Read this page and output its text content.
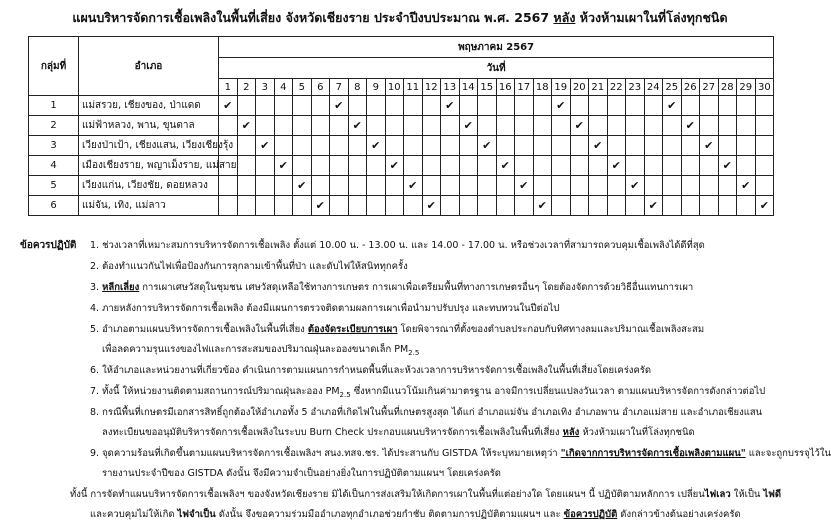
แผนบริหารจัดการเชื้อเพลิงในพื้นที่เสี่ยง จังหวัดเชียงราย ประจำปีงบประมาณ พ.ศ. 2567 หลัง ห้วงห้ามเผาในที่โล่งทุกชนิด
กลุ่มที่	อำเภอ	พฤษภาคม 2567																													
		วันที่																													
		1	2	3	4	5	6	7	8	9	10	11	12	13	14	15	16	17	18	19	20	21	22	23	24	25	26	27	28	29	30
1	แม่สรวย, เชียงของ, ป่าแดด	✔						✔						✔						✔						✔					
2	แม่ฟ้าหลวง, พาน, ขุนตาล		✔						✔						✔						✔						✔				
3	เวียงป่าเป้า, เชียงแสน, เวียงเชียงรุ้ง			✔						✔						✔						✔						✔			
4	เมืองเชียงราย, พญาเม็งราย, แม่สาย				✔						✔						✔						✔						✔		
5	เวียงแก่น, เวียงชัย, ดอยหลวง					✔						✔						✔						✔						✔	
6	แม่จัน, เทิง, แม่ลาว						✔						✔						✔						✔						✔
ข้อควรปฏิบัติ 1. ช่วงเวลาที่เหมาะสมการบริหารจัดการเชื้อเพลิง ตั้งแต่ 10.00 น. - 13.00 น. และ 14.00 - 17.00 น. หรือช่วงเวลาที่สามารถควบคุมเชื้อเพลิงได้ดีที่สุด
2. ต้องทำแนวกันไฟเพื่อป้องกันการลุกลามเข้าพื้นที่ป่า และดับไฟให้สนิททุกครั้ง
3. หลีกเลี่ยง การเผาเศษวัสดุในชุมชน เศษวัสดุเหลือใช้ทางการเกษตร การเผาเพื่อเตรียมพื้นที่ทางการเกษตรอื่นๆ โดยต้องจัดการด้วยวิธีอื่นแทนการเผา
4. ภายหลังการบริหารจัดการเชื้อเพลิง ต้องมีแผนการตรวจติดตามผลการเผาเพื่อนำมาปรับปรุง และทบทวนในปีต่อไป
5. อำเภอตามแผนบริหารจัดการเชื้อเพลิงในพื้นที่เสี่ยง ต้องจัดระเบียบการเผา โดยพิจารณาที่ตั้งของตำบลประกอบกับทิศทางลมและปริมาณเชื้อเพลิงสะสม
เพื่อลดความรุนแรงของไฟและการสะสมของปริมาณฝุ่นละอองขนาดเล็ก $PM_{2.5}$
6. ให้อำเภอและหน่วยงานที่เกี่ยวข้อง ดำเนินการตามแผนการกำหนดพื้นที่และห้วงเวลาการบริหารจัดการเชื้อเพลิงในพื้นที่เสี่ยงโดยเคร่งครัด
7. ทั้งนี้ ให้หน่วยงานติดตามสถานการณ์ปริมาณฝุ่นละออง $PM_{2.5}$ ซึ่งหากมีแนวโน้มเกินค่ามาตรฐาน อาจมีการเปลี่ยนแปลงวันเวลา ตามแผนบริหารจัดการดังกล่าวต่อไป
8. กรณีพื้นที่เกษตรมีเอกสารสิทธิ์ถูกต้องให้อำเภอทั้ง 5 อำเภอที่เกิดไฟในพื้นที่เกษตรสูงสุด ได้แก่ อำเภอแม่จัน อำเภอเทิง อำเภอพาน อำเภอแม่สาย และอำเภอเชียงแสน
ลงทะเบียนขออนุมัติบริหารจัดการเชื้อเพลิงในระบบ Burn Check ประกอบแผนบริหารจัดการเชื้อเพลิงในพื้นที่เสี่ยง หลัง ห้วงห้ามเผาในที่โล่งทุกชนิด
9. จุดความร้อนที่เกิดขึ้นตามแผนบริหารจัดการเชื้อเพลิงฯ สนง.ทสจ.ชร. ได้ประสานกับ GISTDA ให้ระบุหมายเหตุว่า "เกิดจากการบริหารจัดการเชื้อเพลิงตามแผน" และจะถูกบรรจุไว้ใน
รายงานประจำปีของ GISTDA ดังนั้น จึงมีความจำเป็นอย่างยิ่งในการปฏิบัติตามแผนฯ โดยเคร่งครัด
ทั้งนี้ การจัดทำแผนบริหารจัดการเชื้อเพลิงฯ ของจังหวัดเชียงราย มิได้เป็นการส่งเสริมให้เกิดการเผาในพื้นที่แต่อย่างใด โดยแผนฯ นี้ ปฏิบัติตามหลักการ เปลี่ยนไฟเลว ให้เป็น ไฟดี
และควบคุมไม่ให้เกิด ไฟจำเป็น ดังนั้น จึงขอความร่วมมืออำเภอทุกอำเภอช่วยกำชับ ติดตามการปฏิบัติตามแผนฯ และ ข้อควรปฏิบัติ ดังกล่าวข้างต้นอย่างเคร่งครัด
